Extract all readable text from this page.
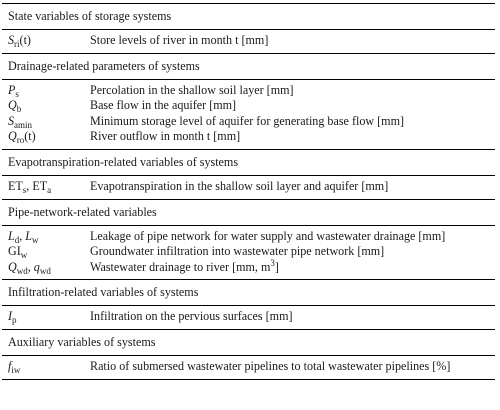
State variables of storage systems
$S_{ri}(t)$	Store levels of river in month t [mm]
Drainage-related parameters of systems
$P_s$	Percolation in the shallow soil layer [mm]
$Q_b$	Base flow in the aquifer [mm]
$S_{amin}$	Minimum storage level of aquifer for generating base flow [mm]
$Q_{ro}(t)$	River outflow in month t [mm]
Evapotranspiration-related variables of systems
$ET_s$, $ET_a$	Evapotranspiration in the shallow soil layer and aquifer [mm]
Pipe-network-related variables
$L_d$, $L_w$	Leakage of pipe network for water supply and wastewater drainage [mm]
$GI_w$	Groundwater infiltration into wastewater pipe network [mm]
$Q_{wd}$, $q_{wd}$	Wastewater drainage to river [mm, $m^3$]
Infiltration-related variables of systems
$I_p$	Infiltration on the pervious surfaces [mm]
Auxiliary variables of systems
$f_{iw}$	Ratio of submersed wastewater pipelines to total wastewater pipelines [%]
